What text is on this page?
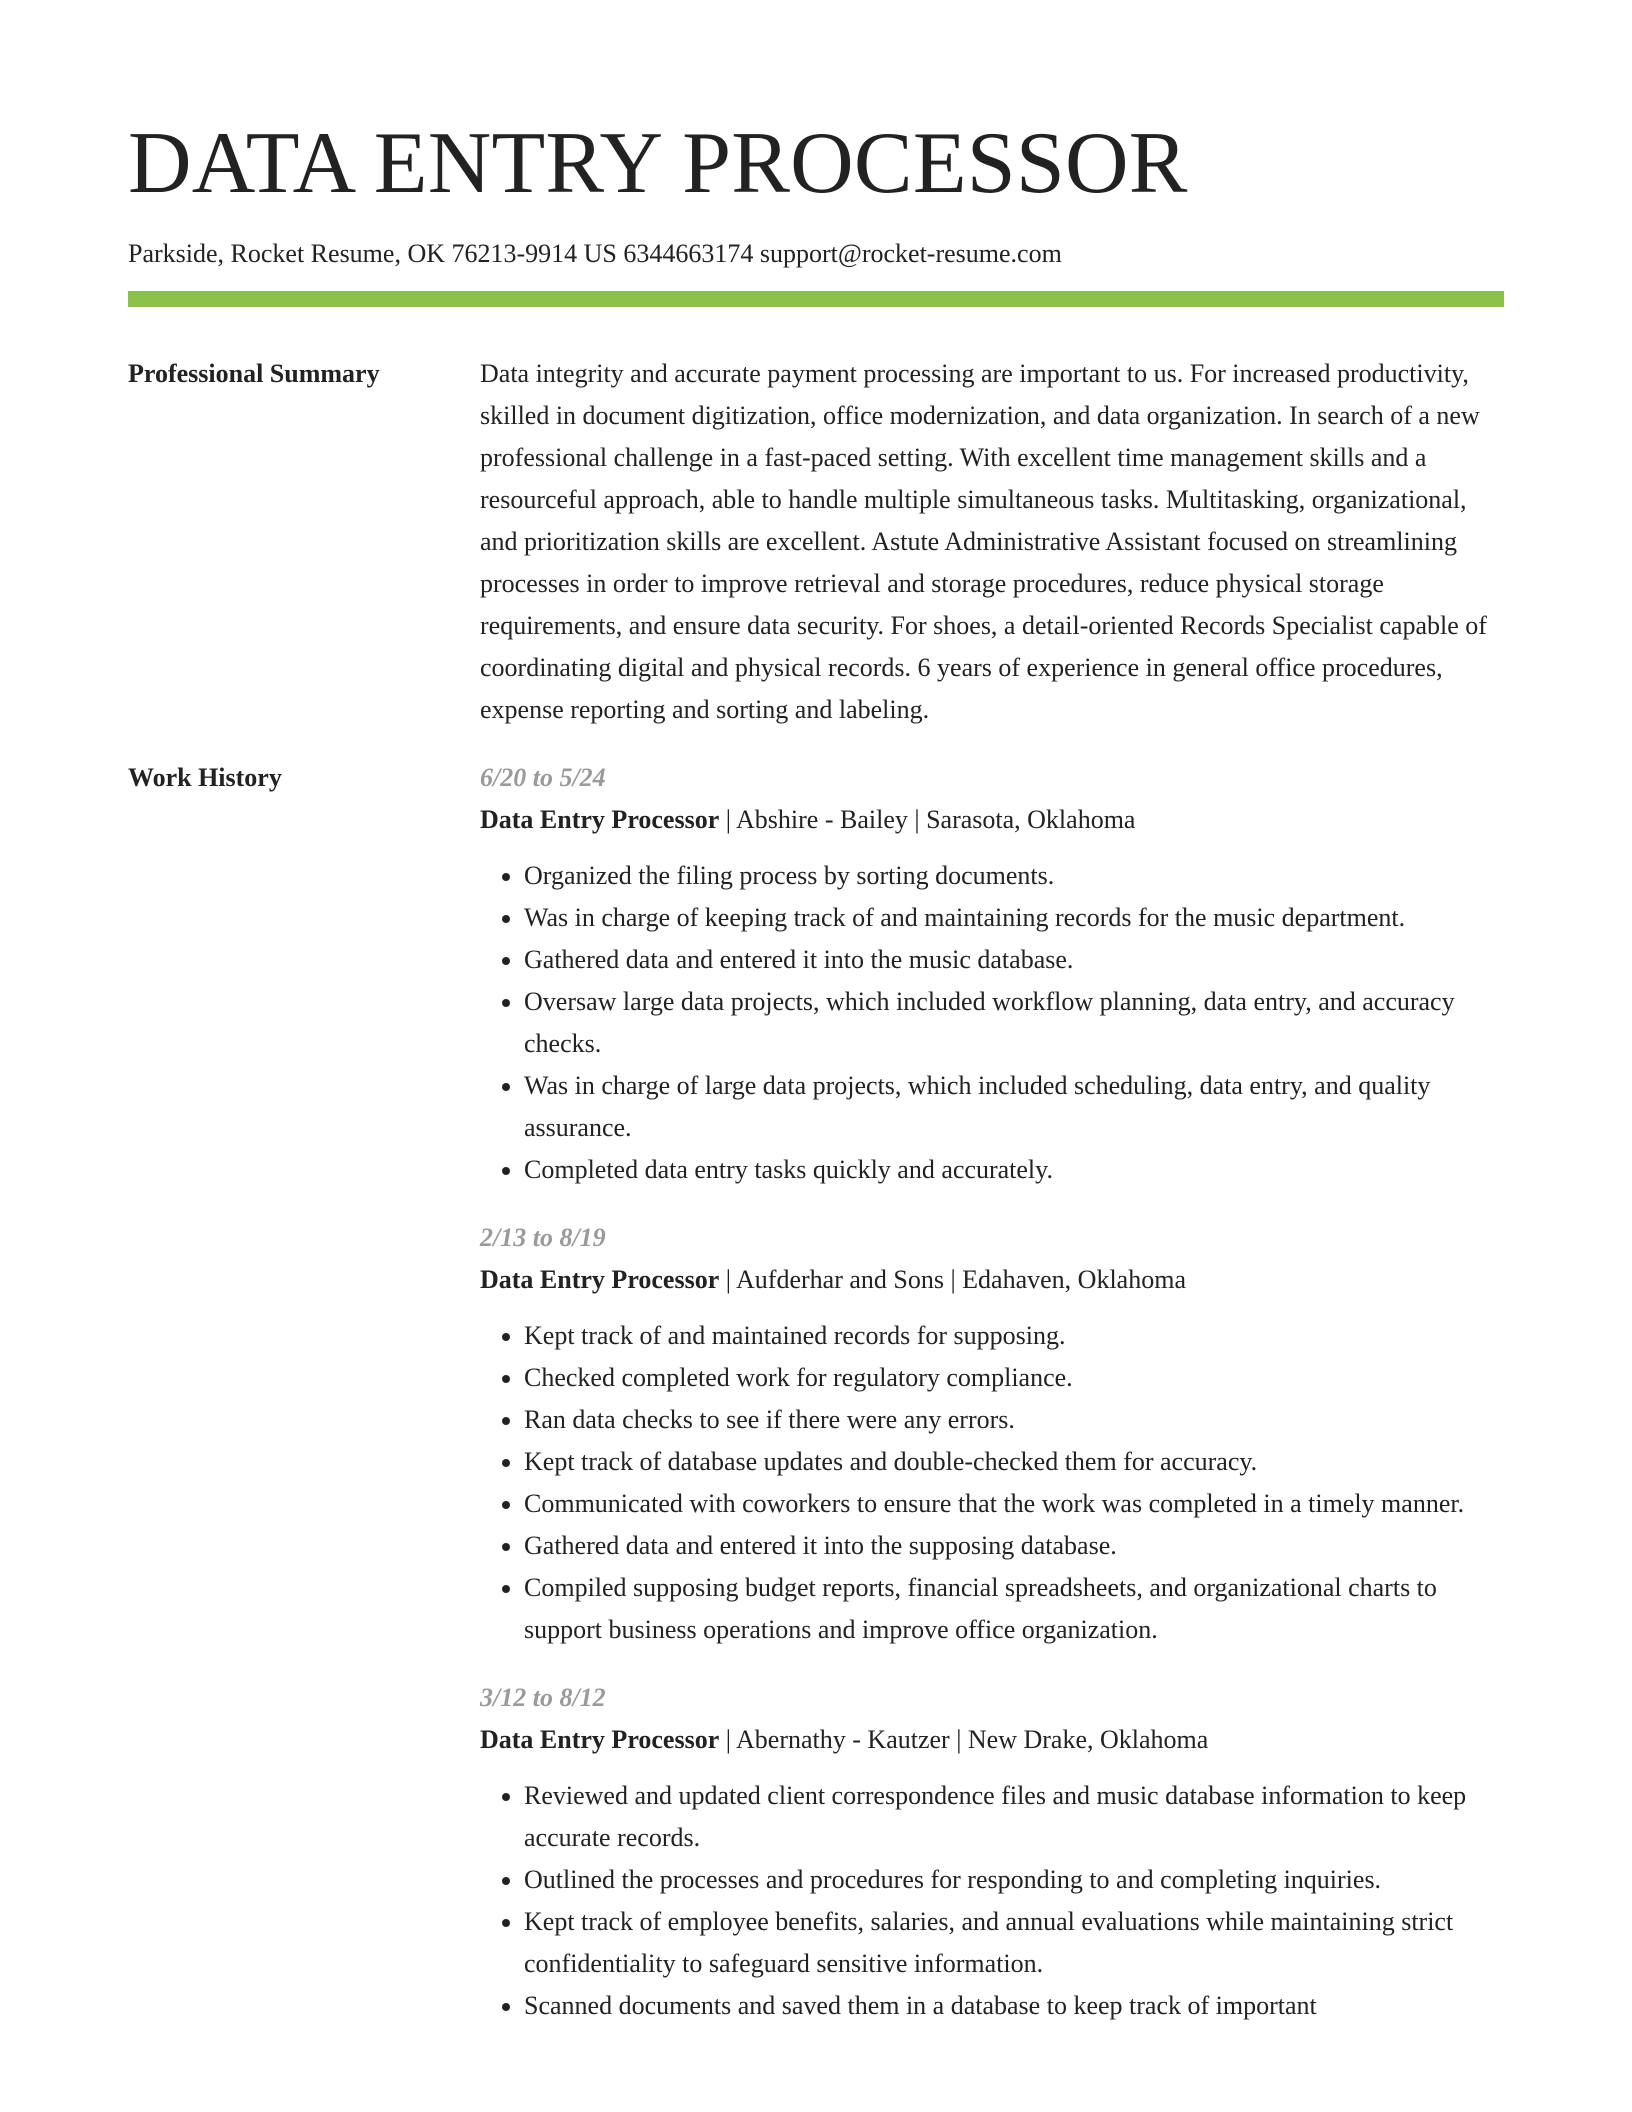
DATA ENTRY PROCESSOR
Parkside, Rocket Resume, OK 76213-9914 US 6344663174 support@rocket-resume.com
Professional Summary	Data integrity and accurate payment processing are important to us. For increased productivity, skilled in document digitization, office modernization, and data organization. In search of a new professional challenge in a fast-paced setting. With excellent time management skills and a resourceful approach, able to handle multiple simultaneous tasks. Multitasking, organizational, and prioritization skills are excellent. Astute Administrative Assistant focused on streamlining processes in order to improve retrieval and storage procedures, reduce physical storage requirements, and ensure data security. For shoes, a detail-oriented Records Specialist capable of coordinating digital and physical records. 6 years of experience in general office procedures, expense reporting and sorting and labeling.

Work History	6/20 to 5/24
Data Entry Processor | Abshire - Bailey | Sarasota, Oklahoma
• Organized the filing process by sorting documents.
• Was in charge of keeping track of and maintaining records for the music department.
• Gathered data and entered it into the music database.
• Oversaw large data projects, which included workflow planning, data entry, and accuracy checks.
• Was in charge of large data projects, which included scheduling, data entry, and quality assurance.
• Completed data entry tasks quickly and accurately.
2/13 to 8/19
Data Entry Processor | Aufderhar and Sons | Edahaven, Oklahoma
• Kept track of and maintained records for supposing.
• Checked completed work for regulatory compliance.
• Ran data checks to see if there were any errors.
• Kept track of database updates and double-checked them for accuracy.
• Communicated with coworkers to ensure that the work was completed in a timely manner.
• Gathered data and entered it into the supposing database.
• Compiled supposing budget reports, financial spreadsheets, and organizational charts to support business operations and improve office organization.
3/12 to 8/12
Data Entry Processor | Abernathy - Kautzer | New Drake, Oklahoma
• Reviewed and updated client correspondence files and music database information to keep accurate records.
• Outlined the processes and procedures for responding to and completing inquiries.
• Kept track of employee benefits, salaries, and annual evaluations while maintaining strict confidentiality to safeguard sensitive information.
• Scanned documents and saved them in a database to keep track of important
